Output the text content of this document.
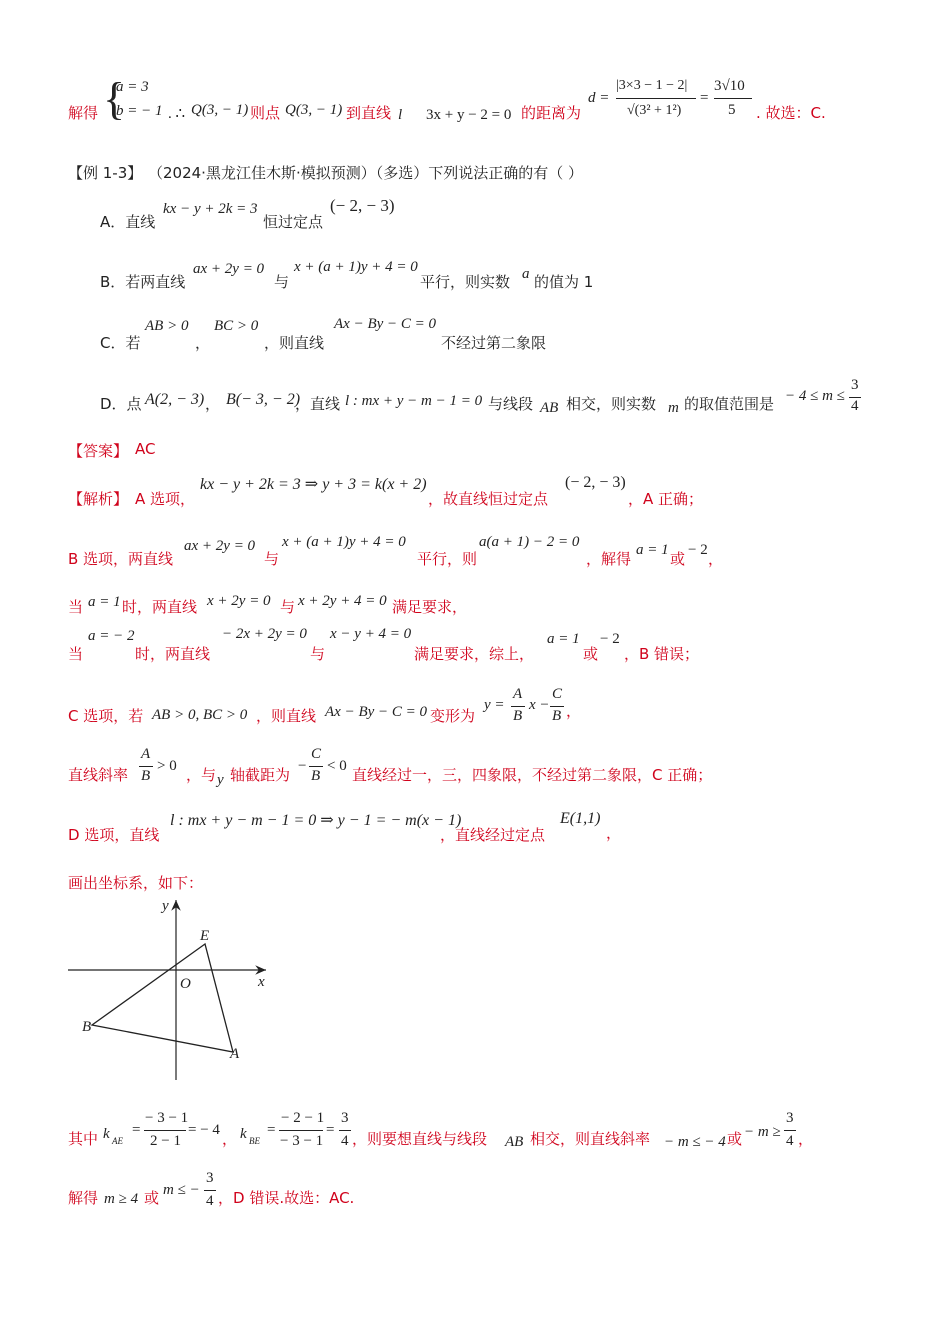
解得 {
a = 3
b = − 1 . ∴ Q(3, − 1) 则点 Q(3, − 1) 到直线 l 3x + y − 2 = 0 的距离为
d =
|3×3 − 1 − 2|
√(3² + 1²)
=
3√10
5 . 故选：C.
【例 1-3】 （2024·黑龙江佳木斯·模拟预测）（多选）下列说法正确的有（ ）
A．直线
kx − y + 2k = 3
恒过定点
(− 2, − 3)
B．若两直线
ax + 2y = 0
与
x + (a + 1)y + 4 = 0
平行，则实数 a 的值为 1
C．若
AB > 0
，
BC > 0
，则直线
Ax − By − C = 0
不经过第二象限
D．点 A(2, − 3) ， B(− 3, − 2)
，直线 l : mx + y − m − 1 = 0 与线段 AB 相交，则实数 m 的取值范围是 − 4 ≤ m ≤
3
4
【答案】 AC
【解析】 A 选项，
kx − y + 2k = 3 ⇒ y + 3 = k(x + 2)
，故直线恒过定点
(− 2, − 3)
，A 正确；
B 选项，两直线
ax + 2y = 0
与
x + (a + 1)y + 4 = 0
平行，则
a(a + 1) − 2 = 0
，解得 a = 1 或 − 2 ，
当 a = 1 时，两直线 x + 2y = 0 与 x + 2y + 4 = 0 满足要求，
当
a = − 2
时，两直线
− 2x + 2y = 0
与
x − y + 4 = 0
满足要求，综上，
a = 1
或
− 2
，B 错误；
C 选项，若 AB > 0, BC > 0 ，则直线 Ax − By − C = 0 变形为
y =
A
B
x −
C
B ，
直线斜率
A
B
> 0 ，与 y 轴截距为 −
C
B
< 0 直线经过一，三，四象限，不经过第二象限，C 正确；
D 选项，直线
l : mx + y − m − 1 = 0 ⇒ y − 1 = − m(x − 1)
，直线经过定点
E(1,1)
，
画出坐标系，如下：
y
x
O
E
B
A
其中 k AE
=
− 3 − 1
2 − 1
= − 4 ， k BE
=
− 2 − 1
− 3 − 1
=
3
4 ，则要想直线与线段 AB 相交，则直线斜率 − m ≤ − 4 或 − m ≥
3
4 ，
解得 m ≥ 4 或 m ≤ −
3
4 ，D 错误.故选：AC.
